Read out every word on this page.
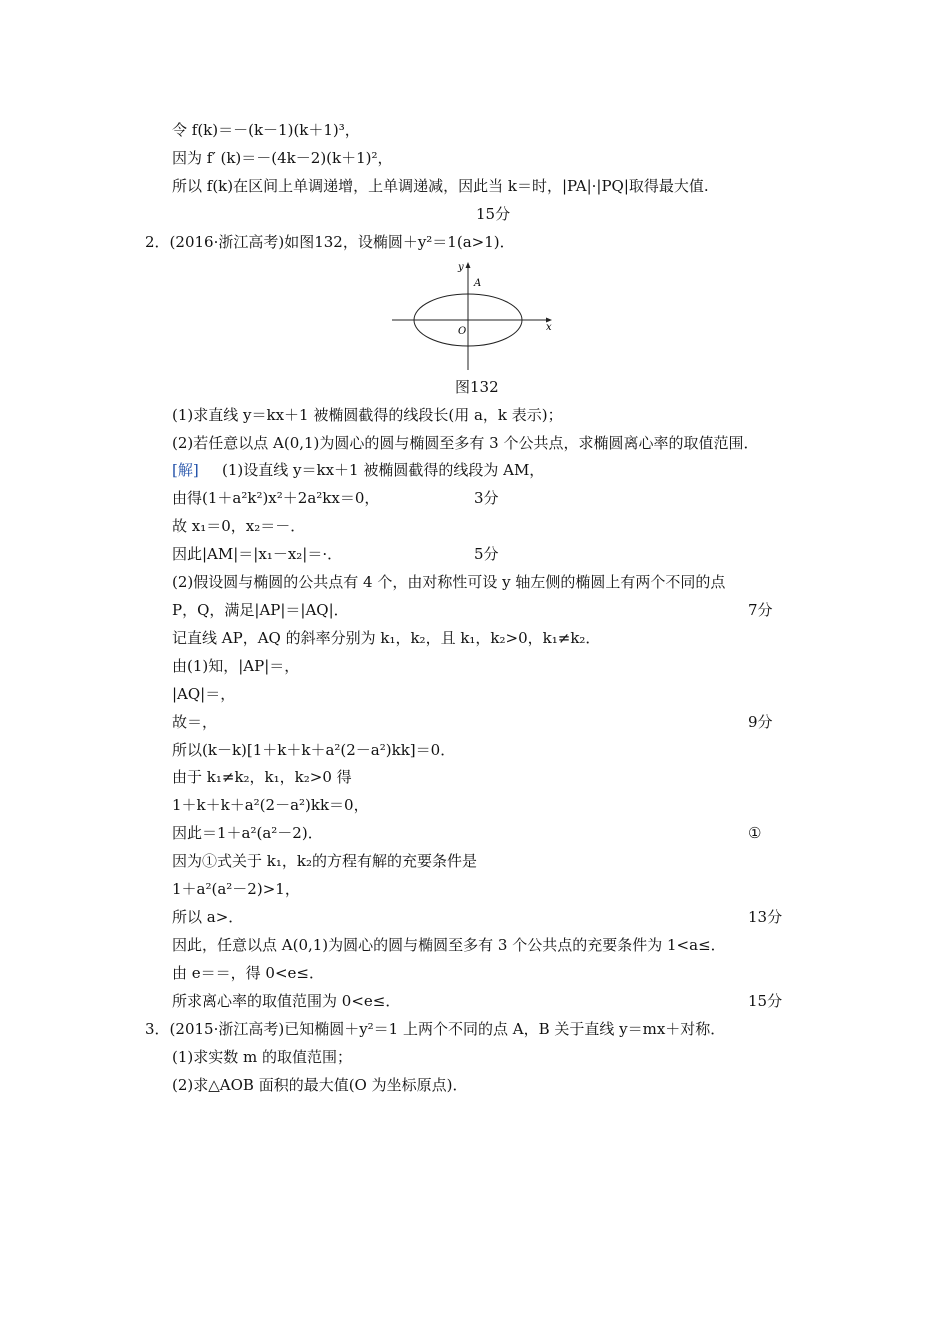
令 f(k)＝－(k－1)(k＋1)³，
因为 f′ (k)＝－(4k－2)(k＋1)²，
所以 f(k)在区间上单调递增，上单调递减，因此当 k＝时，|PA|·|PQ|取得最大值.
15分
2．(2016·浙江高考)如图132，设椭圆＋y²＝1(a>1)．
(1)求直线 y＝kx＋1 被椭圆截得的线段长(用 a，k 表示)；
(2)若任意以点 A(0,1)为圆心的圆与椭圆至多有 3 个公共点，求椭圆离心率的取值范围．
(1)设直线 y＝kx＋1 被椭圆截得的线段为 AM，
由得(1＋a²k²)x²＋2a²kx＝0，
故 x₁＝0，x₂＝－．
因此|AM|＝|x₁－x₂|＝·．
(2)假设圆与椭圆的公共点有 4 个，由对称性可设 y 轴左侧的椭圆上有两个不同的点
P，Q，满足|AP|＝|AQ|．
记直线 AP，AQ 的斜率分别为 k₁，k₂，且 k₁，k₂>0，k₁≠k₂．
由(1)知，|AP|＝，
|AQ|＝，
故＝，
所以(k－k)[1＋k＋k＋a²(2－a²)kk]＝0．
由于 k₁≠k₂，k₁，k₂>0 得
1＋k＋k＋a²(2－a²)kk＝0，
因此＝1＋a²(a²－2)．
因为①式关于 k₁，k₂的方程有解的充要条件是
1＋a²(a²－2)>1，
所以 a>．
因此，任意以点 A(0,1)为圆心的圆与椭圆至多有 3 个公共点的充要条件为 1<a≤．
由 e＝＝，得 0<e≤．
所求离心率的取值范围为 0<e≤．
3．(2015·浙江高考)已知椭圆＋y²＝1 上两个不同的点 A，B 关于直线 y＝mx＋对称．
(1)求实数 m 的取值范围；
(2)求△AOB 面积的最大值(O 为坐标原点)．
[解]
3分
5分
7分
9分
①
13分
15分
y
A
O	x
图132
